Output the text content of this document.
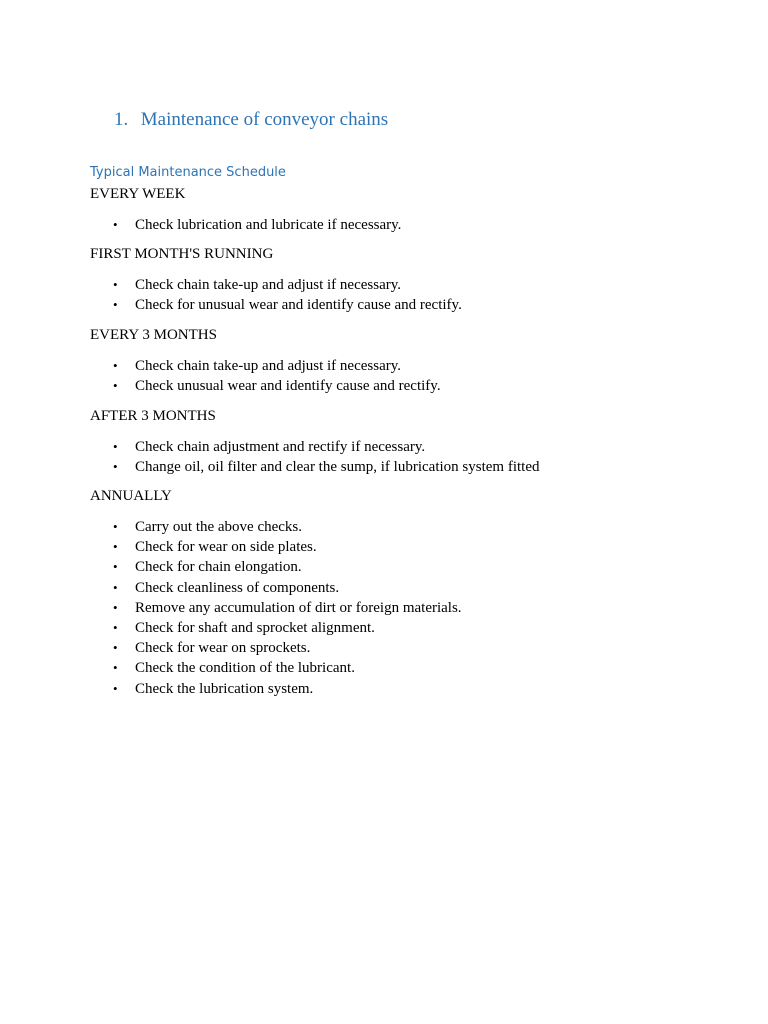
1. Maintenance of conveyor chains
Typical Maintenance Schedule

EVERY WEEK

• Check lubrication and lubricate if necessary.

FIRST MONTH'S RUNNING

• Check chain take-up and adjust if necessary.
• Check for unusual wear and identify cause and rectify.

EVERY 3 MONTHS

• Check chain take-up and adjust if necessary.
• Check unusual wear and identify cause and rectify.

AFTER 3 MONTHS

• Check chain adjustment and rectify if necessary.
• Change oil, oil filter and clear the sump, if lubrication system fitted

ANNUALLY

• Carry out the above checks.
• Check for wear on side plates.
• Check for chain elongation.
• Check cleanliness of components.
• Remove any accumulation of dirt or foreign materials.
• Check for shaft and sprocket alignment.
• Check for wear on sprockets.
• Check the condition of the lubricant.
• Check the lubrication system.
